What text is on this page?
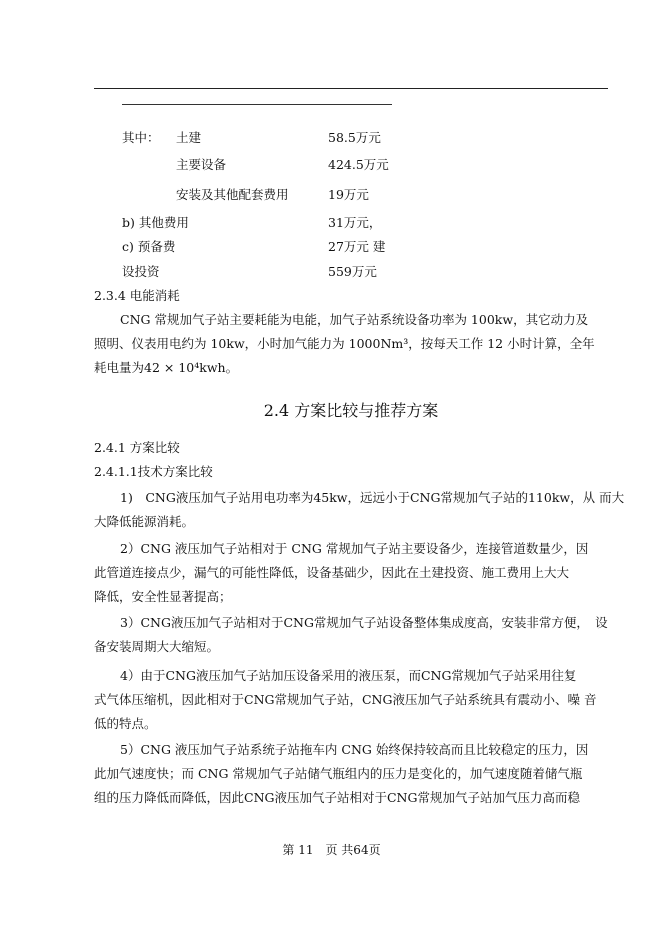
其中： 土建	58.5万元
主要设备	424.5万元
安装及其他配套费用	19万元
b) 其他费用	31万元，
c) 预备费	27万元 建
设投资	559万元
2.3.4 电能消耗
CNG 常规加气子站主要耗能为电能，加气子站系统设备功率为 100kw，其它动力及
照明、仪表用电约为 10kw，小时加气能力为 1000Nm³，按每天工作 12 小时计算，全年
耗电量为42 × 10⁴kwh。
2.4 方案比较与推荐方案
2.4.1 方案比较
2.4.1.1技术方案比较
1)　CNG液压加气子站用电功率为45kw，远远小于CNG常规加气子站的110kw，从 而大
大降低能源消耗。
2）CNG 液压加气子站相对于 CNG 常规加气子站主要设备少，连接管道数量少，因
此管道连接点少，漏气的可能性降低，设备基础少，因此在土建投资、施工费用上大大
降低，安全性显著提高；
3）CNG液压加气子站相对于CNG常规加气子站设备整体集成度高，安装非常方便，　设
备安装周期大大缩短。
4）由于CNG液压加气子站加压设备采用的液压泵，而CNG常规加气子站采用往复
式气体压缩机，因此相对于CNG常规加气子站，CNG液压加气子站系统具有震动小、噪 音
低的特点。
5）CNG 液压加气子站系统子站拖车内 CNG 始终保持较高而且比较稳定的压力，因
此加气速度快；而 CNG 常规加气子站储气瓶组内的压力是变化的，加气速度随着储气瓶
组的压力降低而降低，因此CNG液压加气子站相对于CNG常规加气子站加气压力高而稳
第 11　页 共64页
